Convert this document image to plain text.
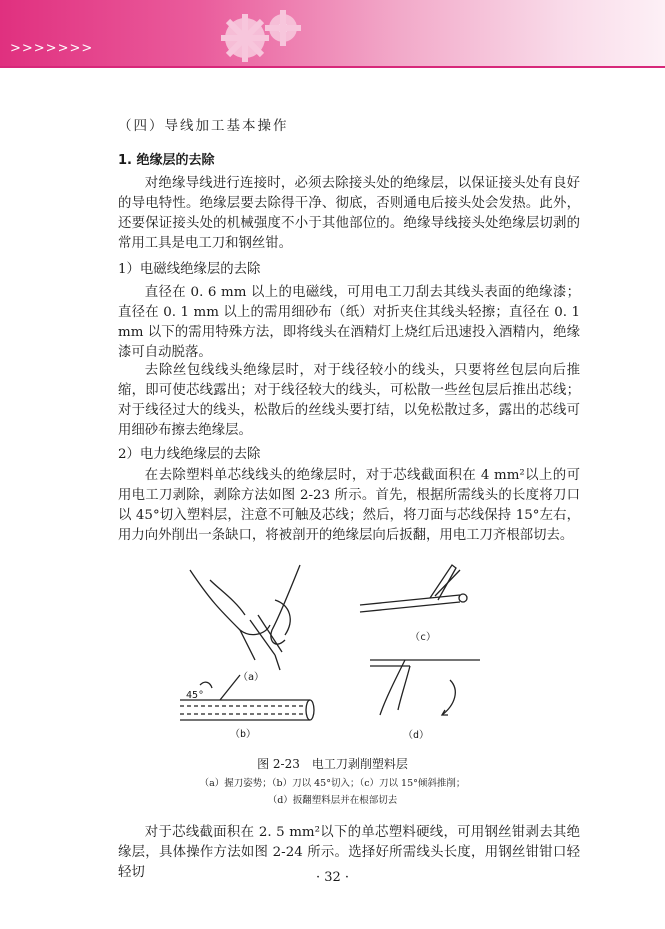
>>>>>>>
（四）导线加工基本操作
1. 绝缘层的去除
对绝缘导线进行连接时，必须去除接头处的绝缘层，以保证接头处有良好的导电特性。绝缘层要去除得干净、彻底，否则通电后接头处会发热。此外，还要保证接头处的机械强度不小于其他部位的。绝缘导线接头处绝缘层切剥的常用工具是电工刀和钢丝钳。
1）电磁线绝缘层的去除
直径在 0. 6 mm 以上的电磁线，可用电工刀刮去其线头表面的绝缘漆；直径在 0. 1 mm 以上的需用细砂布（纸）对折夹住其线头轻擦；直径在 0. 1 mm 以下的需用特殊方法，即将线头在酒精灯上烧红后迅速投入酒精内，绝缘漆可自动脱落。
去除丝包线线头绝缘层时，对于线径较小的线头，只要将丝包层向后推缩，即可使芯线露出；对于线径较大的线头，可松散一些丝包层后推出芯线；对于线径过大的线头，松散后的丝线头要打结，以免松散过多，露出的芯线可用细砂布擦去绝缘层。
2）电力线绝缘层的去除
在去除塑料单芯线线头的绝缘层时，对于芯线截面积在 4 mm²以上的可用电工刀剥除，剥除方法如图 2-23 所示。首先，根据所需线头的长度将刀口以 45°切入塑料层，注意不可触及芯线；然后，将刀面与芯线保持 15°左右，用力向外削出一条缺口，将被剖开的绝缘层向后扳翻，用电工刀齐根部切去。
（a）
（b）
（c）
（d）
45°
图 2-23　电工刀剥削塑料层
（a）握刀姿势；（b）刀以 45°切入；（c）刀以 15°倾斜推削；
（d）扳翻塑料层并在根部切去
对于芯线截面积在 2. 5 mm²以下的单芯塑料硬线，可用钢丝钳剥去其绝缘层，具体操作方法如图 2-24 所示。选择好所需线头长度，用钢丝钳钳口轻轻切	· 32 ·
